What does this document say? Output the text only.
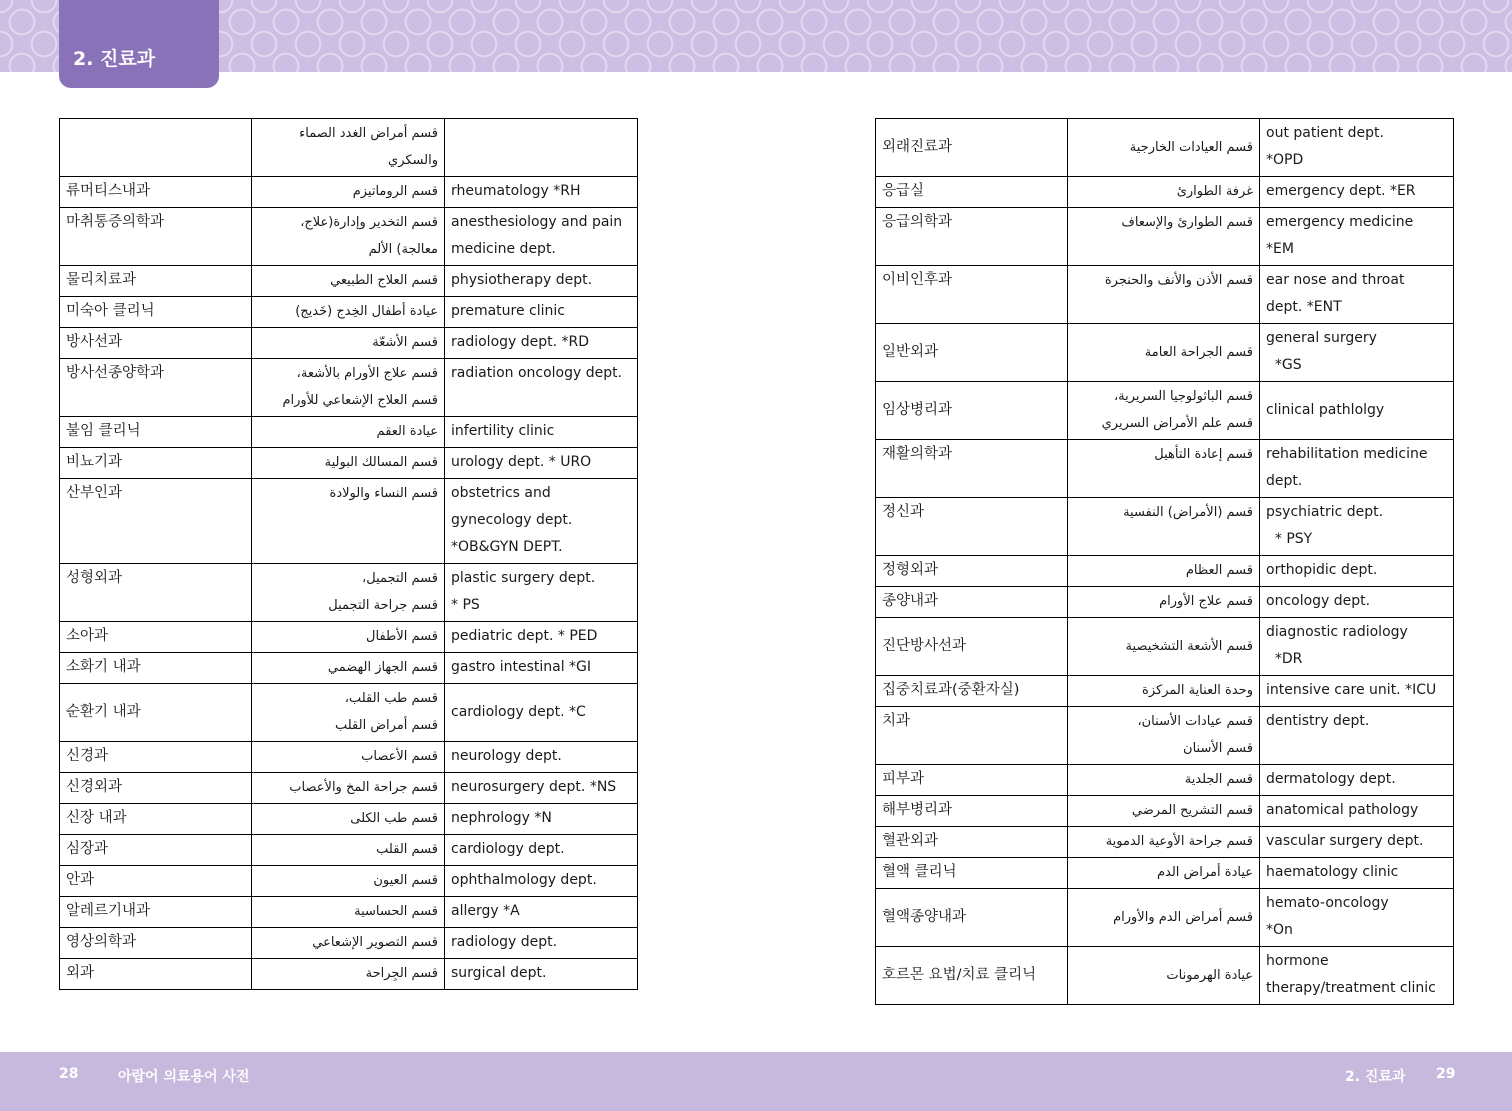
2. 진료과

	قسم أمراض الغدد الصماء
والسكري	

류머티스내과	قسم الروماتيزم	rheumatology *RH

마취통증의학과	قسم التخدير وإدارة(علاج،
معالجة) الألم	anesthesiology and pain
medicine dept.

물리치료과	قسم العلاج الطبيعي	physiotherapy dept.

미숙아 클리닉	عيادة أطفال الخِدج (خَديج)	premature clinic

방사선과	قسم الأشعّة	radiology dept. *RD

방사선종양학과	قسم علاج الأورام بالأشعة،
قسم العلاج الإشعاعي للأورام	radiation oncology dept.

불임 클리닉	عيادة العقم	infertility clinic

비뇨기과	قسم المسالك البولية	urology dept. * URO

산부인과	قسم النساء والولادة	obstetrics and
gynecology dept.
*OB&GYN DEPT.

성형외과	قسم التجميل،
قسم جراحة التجميل	plastic surgery dept.
* PS

소아과	قسم الأطفال	pediatric dept. * PED

소화기 내과	قسم الجهاز الهضمي	gastro intestinal *GI

순환기 내과	قسم طب القلب،
قسم أمراض القلب	cardiology dept. *C

신경과	قسم الأعصاب	neurology dept.

신경외과	قسم جراحة المخ والأعصاب	neurosurgery dept. *NS

신장 내과	قسم طب الكلى	nephrology *N

심장과	قسم القلب	cardiology dept.

안과	قسم العيون	ophthalmology dept.

알레르기내과	قسم الحساسية	allergy *A

영상의학과	قسم التصوير الإشعاعي	radiology dept.

외과	قسم الجِراحة	surgical dept.
외래진료과	قسم العيادات الخارجية	out patient dept.
*OPD

응급실	غرفة الطوارئ	emergency dept. *ER

응급의학과	قسم الطوارئ والإسعاف	emergency medicine
*EM

이비인후과	قسم الأذن والأنف والحنجرة	ear nose and throat
dept. *ENT

일반외과	قسم الجراحة العامة	general surgery
*GS

임상병리과	قسم الباثولوجيا السريرية،
قسم علم الأمراض السريري	clinical pathlolgy

재활의학과	قسم إعادة التأهيل	rehabilitation medicine
dept.

정신과	قسم (الأمراض) النفسية	psychiatric dept.
* PSY

정형외과	قسم العظام	orthopidic dept.

종양내과	قسم علاج الأورام	oncology dept.

진단방사선과	قسم الأشعة التشخيصية	diagnostic radiology
*DR

집중치료과(중환자실)	وحدة العناية المركزة	intensive care unit. *ICU

치과	قسم عيادات الأسنان،
قسم الأسنان	dentistry dept.

피부과	قسم الجلدية	dermatology dept.

해부병리과	قسم التشريح المرضي	anatomical pathology

혈관외과	قسم جراحة الأوعية الدموية	vascular surgery dept.

혈액 클리닉	عيادة أمراض الدم	haematology clinic

혈액종양내과	قسم أمراض الدم والأورام	hemato-oncology
*On

호르몬 요법/치료 클리닉	عيادة الهرمونات	hormone
therapy/treatment clinic
28	아랍어 의료용어 사전	2. 진료과 29
